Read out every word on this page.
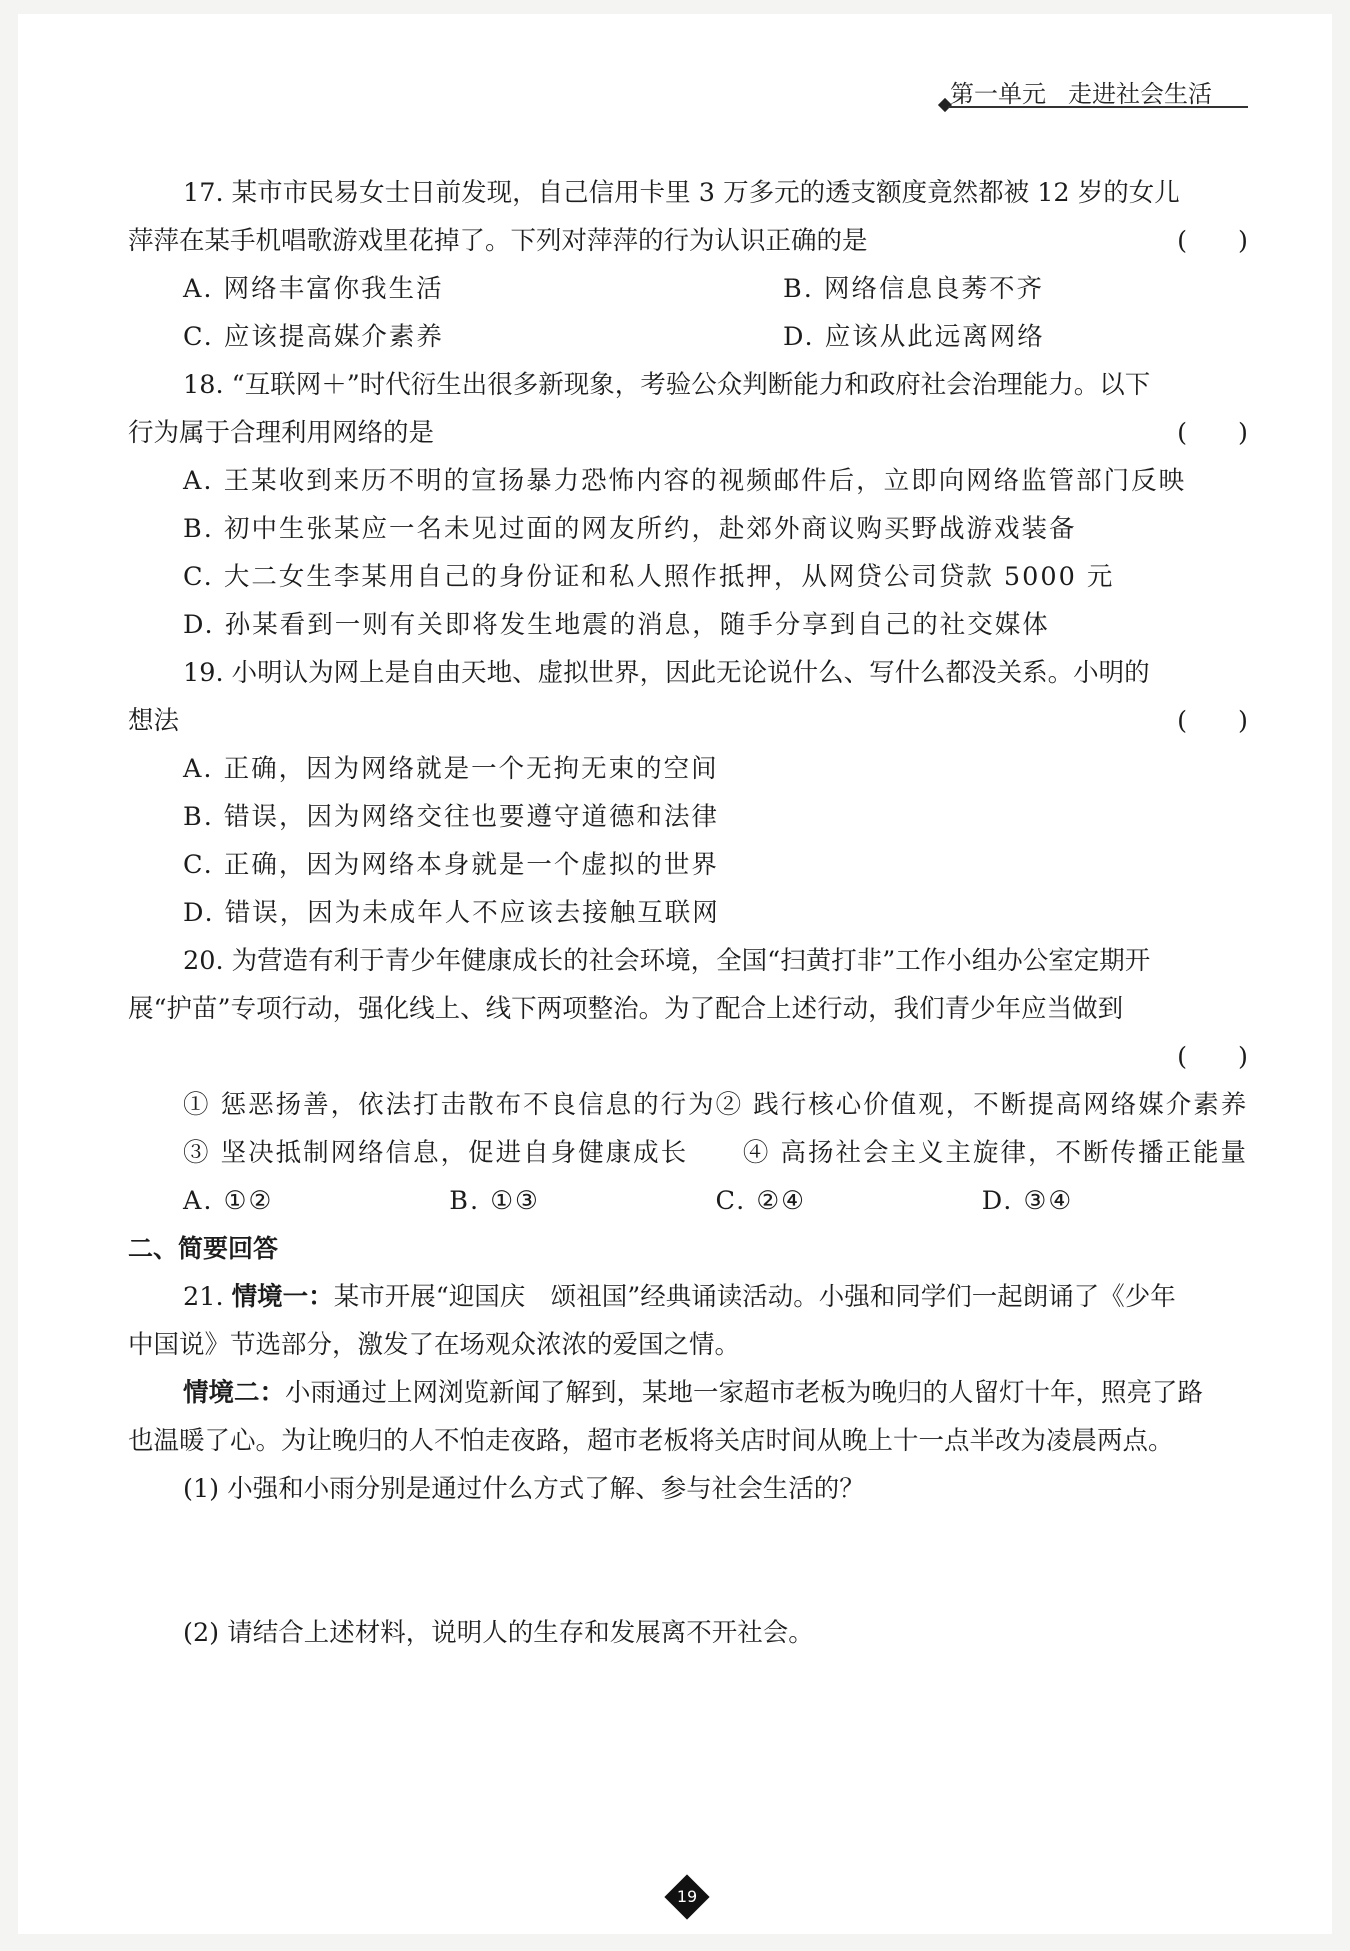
第一单元 走进社会生活
17. 某市市民易女士日前发现，自己信用卡里 3 万多元的透支额度竟然都被 12 岁的女儿
萍萍在某手机唱歌游戏里花掉了。下列对萍萍的行为认识正确的是	(　　)
A. 网络丰富你我生活	B. 网络信息良莠不齐
C. 应该提高媒介素养	D. 应该从此远离网络
18. “互联网＋”时代衍生出很多新现象，考验公众判断能力和政府社会治理能力。以下
行为属于合理利用网络的是	(　　)
A. 王某收到来历不明的宣扬暴力恐怖内容的视频邮件后，立即向网络监管部门反映
B. 初中生张某应一名未见过面的网友所约，赴郊外商议购买野战游戏装备
C. 大二女生李某用自己的身份证和私人照作抵押，从网贷公司贷款 5000 元
D. 孙某看到一则有关即将发生地震的消息，随手分享到自己的社交媒体
19. 小明认为网上是自由天地、虚拟世界，因此无论说什么、写什么都没关系。小明的
想法	(　　)
A. 正确，因为网络就是一个无拘无束的空间
B. 错误，因为网络交往也要遵守道德和法律
C. 正确，因为网络本身就是一个虚拟的世界
D. 错误，因为未成年人不应该去接触互联网
20. 为营造有利于青少年健康成长的社会环境，全国“扫黄打非”工作小组办公室定期开
展“护苗”专项行动，强化线上、线下两项整治。为了配合上述行动，我们青少年应当做到
(　　)

① 惩恶扬善，依法打击散布不良信息的行为 ② 践行核心价值观，不断提高网络媒介素养
③ 坚决抵制网络信息，促进自身健康成长	④ 高扬社会主义主旋律，不断传播正能量
A. ①②	B. ①③	C. ②④	D. ③④
二、简要回答
21. 情境一：某市开展“迎国庆　颂祖国”经典诵读活动。小强和同学们一起朗诵了《少年
中国说》节选部分，激发了在场观众浓浓的爱国之情。
情境二：小雨通过上网浏览新闻了解到，某地一家超市老板为晚归的人留灯十年，照亮了路
也温暖了心。为让晚归的人不怕走夜路，超市老板将关店时间从晚上十一点半改为凌晨两点。
(1) 小强和小雨分别是通过什么方式了解、参与社会生活的？
(2) 请结合上述材料，说明人的生存和发展离不开社会。
19
